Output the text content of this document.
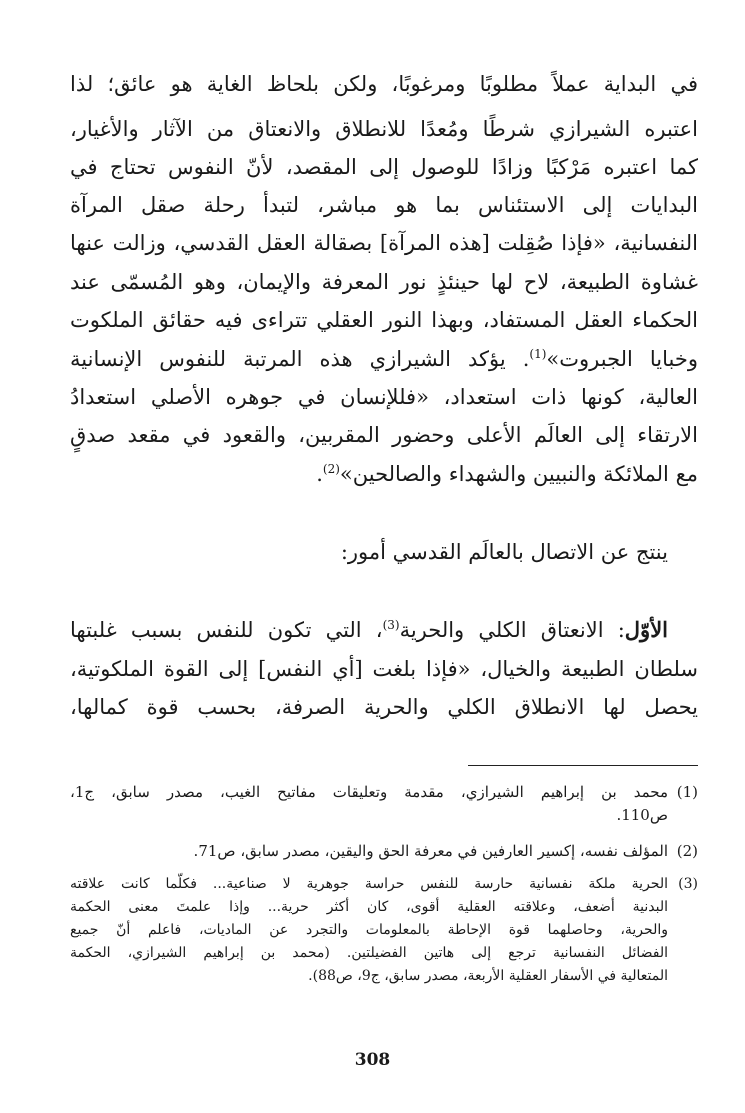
في البداية عملاً مطلوبًا ومرغوبًا، ولكن بلحاظ الغاية هو عائق؛ لذا
اعتبره الشيرازي شرطًا ومُعدًا للانطلاق والانعتاق من الآثار والأغيار،
كما اعتبره مَرْكبًا وزادًا للوصول إلى المقصد، لأنّ النفوس تحتاج في
البدايات إلى الاستئناس بما هو مباشر، لتبدأ رحلة صقل المرآة
النفسانية، «فإذا صُقِلت [هذه المرآة] بصقالة العقل القدسي، وزالت عنها
غشاوة الطبيعة، لاح لها حينئذٍ نور المعرفة والإيمان، وهو المُسمّى عند
الحكماء العقل المستفاد، وبهذا النور العقلي تتراءى فيه حقائق الملكوت
وخبايا الجبروت»$^{(1)}$. يؤكد الشيرازي هذه المرتبة للنفوس الإنسانية
العالية، كونها ذات استعداد، «فللإنسان في جوهره الأصلي استعدادُ
الارتقاء إلى العالَم الأعلى وحضور المقربين، والقعود في مقعد صدقٍ
مع الملائكة والنبيين والشهداء والصالحين»$^{(2)}$.
ينتج عن الاتصال بالعالَم القدسي أمور:
الأوّل: الانعتاق الكلي والحرية$^{(3)}$، التي تكون للنفس بسبب غلبتها
سلطان الطبيعة والخيال، «فإذا بلغت [أي النفس] إلى القوة الملكوتية،
يحصل لها الانطلاق الكلي والحرية الصرفة، بحسب قوة كمالها،
(1)
محمد بن إبراهيم الشيرازي، مقدمة وتعليقات مفاتيح الغيب، مصدر سابق، ج1،
ص110.
(2)
المؤلف نفسه، إكسير العارفين في معرفة الحق واليقين، مصدر سابق، ص71.
(3)
الحرية ملكة نفسانية حارسة للنفس حراسة جوهرية لا صناعية... فكلّما كانت علاقته
البدنية أضعف، وعلاقته العقلية أقوى، كان أكثر حرية... وإذا علمتَ معنى الحكمة
والحرية، وحاصلهما قوة الإحاطة بالمعلومات والتجرد عن الماديات، فاعلم أنّ جميع
الفضائل النفسانية ترجع إلى هاتين الفضيلتين. (محمد بن إبراهيم الشيرازي، الحكمة
المتعالية في الأسفار العقلية الأربعة، مصدر سابق، ج9، ص88).
308
